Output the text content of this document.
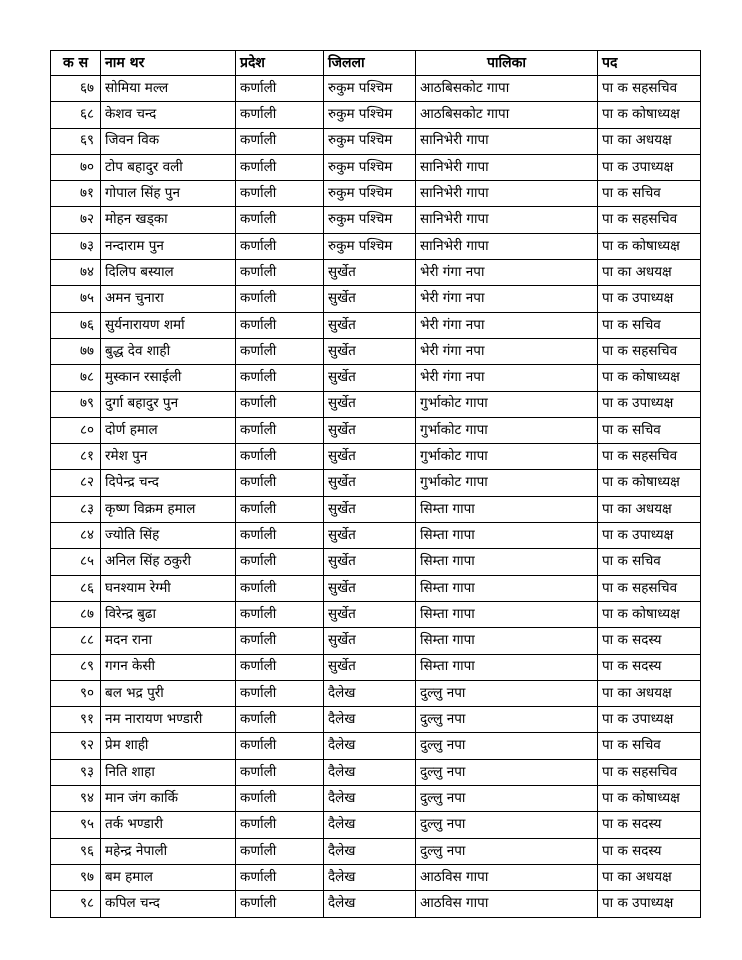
क स	नाम थर	प्रदेश	जिलला	पालिका	पद
६७	सोमिया मल्ल	कर्णाली	रुकुम पश्चिम	आठबिसकोट गापा	पा क सहसचिव
६८	केशव चन्द	कर्णाली	रुकुम पश्चिम	आठबिसकोट गापा	पा क कोषाध्यक्ष
६९	जिवन विक	कर्णाली	रुकुम पश्चिम	सानिभेरी गापा	पा का अधयक्ष
७०	टोप बहादुर वली	कर्णाली	रुकुम पश्चिम	सानिभेरी गापा	पा क उपाध्यक्ष
७१	गोपाल सिंह पुन	कर्णाली	रुकुम पश्चिम	सानिभेरी गापा	पा क सचिव
७२	मोहन खड्का	कर्णाली	रुकुम पश्चिम	सानिभेरी गापा	पा क सहसचिव
७३	नन्दाराम पुन	कर्णाली	रुकुम पश्चिम	सानिभेरी गापा	पा क कोषाध्यक्ष
७४	दिलिप बस्याल	कर्णाली	सुर्खेत	भेरी गंगा नपा	पा का अधयक्ष
७५	अमन चुनारा	कर्णाली	सुर्खेत	भेरी गंगा नपा	पा क उपाध्यक्ष
७६	सुर्यनारायण शर्मा	कर्णाली	सुर्खेत	भेरी गंगा नपा	पा क सचिव
७७	बुद्ध देव शाही	कर्णाली	सुर्खेत	भेरी गंगा नपा	पा क सहसचिव
७८	मुस्कान रसाईली	कर्णाली	सुर्खेत	भेरी गंगा नपा	पा क कोषाध्यक्ष
७९	दुर्गा बहादुर पुन	कर्णाली	सुर्खेत	गुर्भाकोट गापा	पा क उपाध्यक्ष
८०	दोर्ण हमाल	कर्णाली	सुर्खेत	गुर्भाकोट गापा	पा क सचिव
८१	रमेश पुन	कर्णाली	सुर्खेत	गुर्भाकोट गापा	पा क सहसचिव
८२	दिपेन्द्र चन्द	कर्णाली	सुर्खेत	गुर्भाकोट गापा	पा क कोषाध्यक्ष
८३	कृष्ण विक्रम हमाल	कर्णाली	सुर्खेत	सिम्ता गापा	पा का अधयक्ष
८४	ज्योति सिंह	कर्णाली	सुर्खेत	सिम्ता गापा	पा क उपाध्यक्ष
८५	अनिल सिंह ठकुरी	कर्णाली	सुर्खेत	सिम्ता गापा	पा क सचिव
८६	घनश्याम रेग्मी	कर्णाली	सुर्खेत	सिम्ता गापा	पा क सहसचिव
८७	विरेन्द्र बुढा	कर्णाली	सुर्खेत	सिम्ता गापा	पा क कोषाध्यक्ष
८८	मदन राना	कर्णाली	सुर्खेत	सिम्ता गापा	पा क सदस्य
८९	गगन केसी	कर्णाली	सुर्खेत	सिम्ता गापा	पा क सदस्य
९०	बल भद्र पुरी	कर्णाली	दैलेख	दुल्लु नपा	पा का अधयक्ष
९१	नम नारायण भण्डारी	कर्णाली	दैलेख	दुल्लु नपा	पा क उपाध्यक्ष
९२	प्रेम शाही	कर्णाली	दैलेख	दुल्लु नपा	पा क सचिव
९३	निति शाहा	कर्णाली	दैलेख	दुल्लु नपा	पा क सहसचिव
९४	मान जंग कार्कि	कर्णाली	दैलेख	दुल्लु नपा	पा क कोषाध्यक्ष
९५	तर्क भण्डारी	कर्णाली	दैलेख	दुल्लु नपा	पा क सदस्य
९६	महेन्द्र नेपाली	कर्णाली	दैलेख	दुल्लु नपा	पा क सदस्य
९७	बम हमाल	कर्णाली	दैलेख	आठविस गापा	पा का अधयक्ष
९८	कपिल चन्द	कर्णाली	दैलेख	आठविस गापा	पा क उपाध्यक्ष
